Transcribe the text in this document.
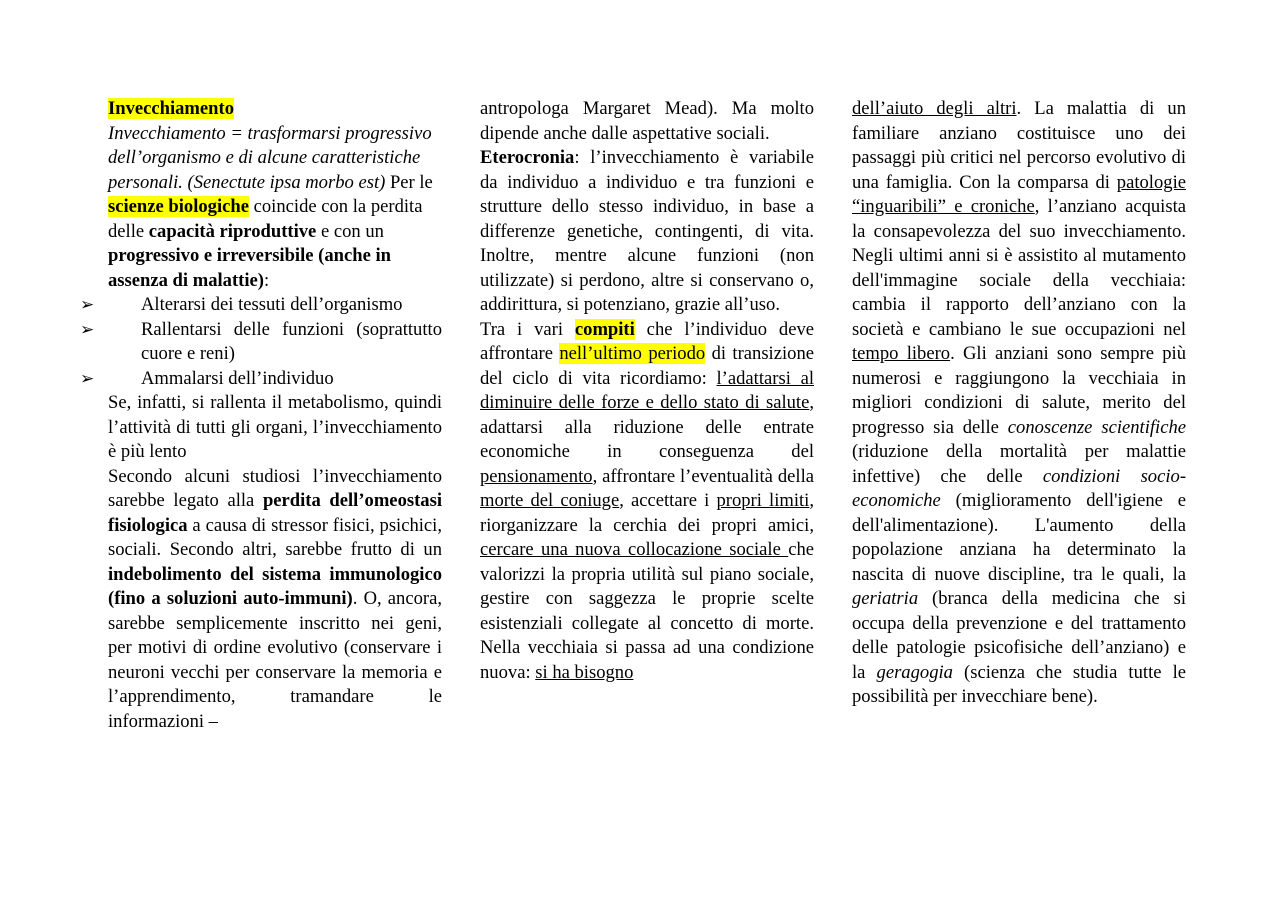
Invecchiamento

Invecchiamento = trasformarsi progressivo dell’organismo e di alcune caratteristiche personali. (Senectute ipsa morbo est) Per le scienze biologiche coincide con la perdita delle capacità riproduttive e con un progressivo e irreversibile (anche in assenza di malattie):

➢	Alterarsi dei tessuti dell’organismo
➢	Rallentarsi delle funzioni (soprattutto cuore e reni)
➢	Ammalarsi dell’individuo

Se, infatti, si rallenta il metabolismo, quindi l’attività di tutti gli organi, l’invecchiamento è più lento

Secondo alcuni studiosi l’invecchiamento sarebbe legato alla perdita dell’omeostasi fisiologica a causa di stressor fisici, psichici, sociali. Secondo altri, sarebbe frutto di un indebolimento del sistema immunologico (fino a soluzioni auto-immuni). O, ancora, sarebbe semplicemente inscritto nei geni, per motivi di ordine evolutivo (conservare i neuroni vecchi per conservare la memoria e l’apprendimento, tramandare le informazioni –

antropologa Margaret Mead). Ma molto dipende anche dalle aspettative sociali.

Eterocronia: l’invecchiamento è variabile da individuo a individuo e tra funzioni e strutture dello stesso individuo, in base a differenze genetiche, contingenti, di vita. Inoltre, mentre alcune funzioni (non utilizzate) si perdono, altre si conservano o, addirittura, si potenziano, grazie all’uso.

Tra i vari compiti che l’individuo deve affrontare nell’ultimo periodo di transizione del ciclo di vita ricordiamo: l’adattarsi al diminuire delle forze e dello stato di salute, adattarsi alla riduzione delle entrate economiche in conseguenza del pensionamento, affrontare l’eventualità della morte del coniuge, accettare i propri limiti, riorganizzare la cerchia dei propri amici, cercare una nuova collocazione sociale che valorizzi la propria utilità sul piano sociale, gestire con saggezza le proprie scelte esistenziali collegate al concetto di morte. Nella vecchiaia si passa ad una condizione nuova: si ha bisogno

dell’aiuto degli altri. La malattia di un familiare anziano costituisce uno dei passaggi più critici nel percorso evolutivo di una famiglia. Con la comparsa di patologie “inguaribili” e croniche, l’anziano acquista la consapevolezza del suo invecchiamento. Negli ultimi anni si è assistito al mutamento dell'immagine sociale della vecchiaia: cambia il rapporto dell’anziano con la società e cambiano le sue occupazioni nel tempo libero. Gli anziani sono sempre più numerosi e raggiungono la vecchiaia in migliori condizioni di salute, merito del progresso sia delle conoscenze scientifiche (riduzione della mortalità per malattie infettive) che delle condizioni socio-economiche (miglioramento dell'igiene e dell'alimentazione). L'aumento della popolazione anziana ha determinato la nascita di nuove discipline, tra le quali, la geriatria (branca della medicina che si occupa della prevenzione e del trattamento delle patologie psicofisiche dell’anziano) e la geragogia (scienza che studia tutte le possibilità per invecchiare bene).
